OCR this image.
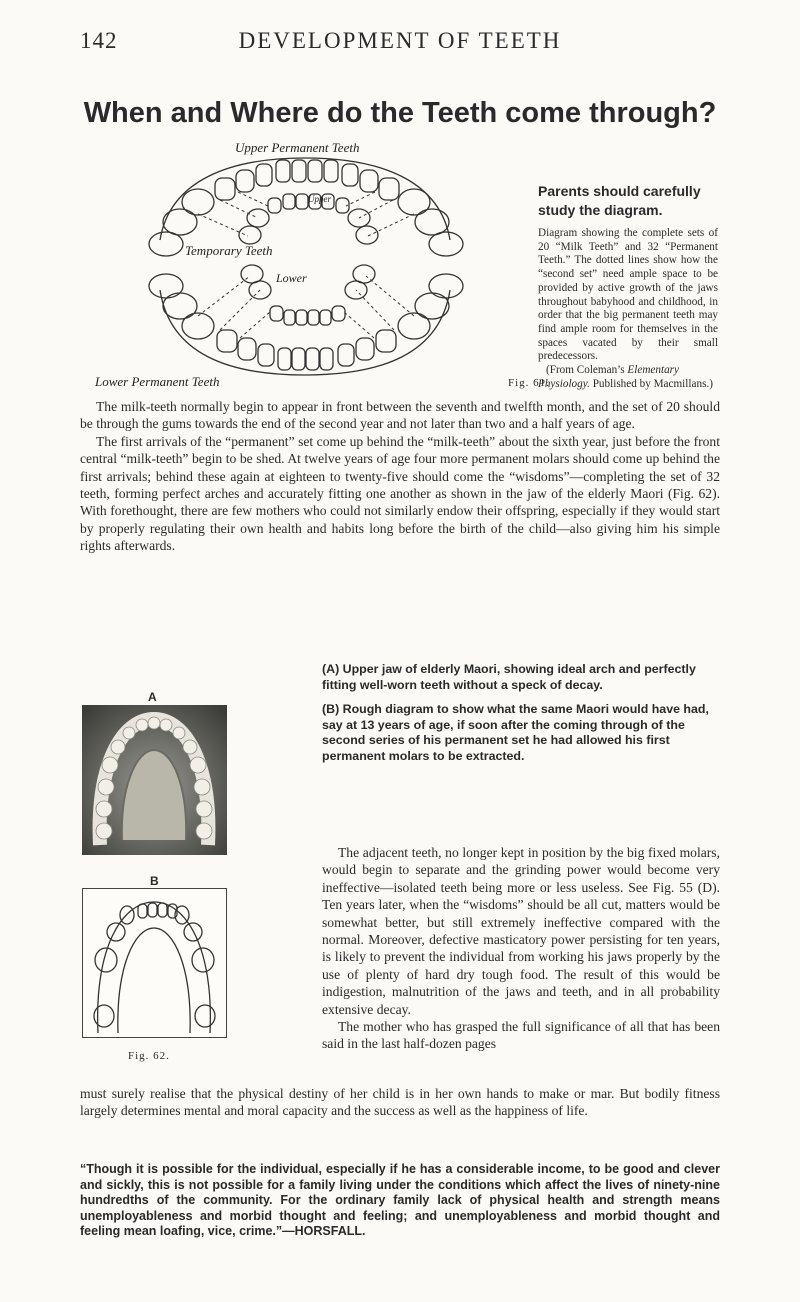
142	DEVELOPMENT OF TEETH
When and Where do the Teeth come through?
Upper Permanent Teeth
Upper
Temporary Teeth
Lower
Lower Permanent Teeth

Parents should carefully study the diagram.

Diagram showing the complete sets of 20 “Milk Teeth” and 32 “Permanent Teeth.” The dotted lines show how the “second set” need ample space to be provided by active growth of the jaws throughout babyhood and childhood, in order that the big permanent teeth may find ample room for themselves in the spaces vacated by their small predecessors.

(From Coleman’s Elementary Physiology. Published by Macmillans.)

Fig. 61.

The milk-teeth normally begin to appear in front between the seventh and twelfth month, and the set of 20 should be through the gums towards the end of the second year and not later than two and a half years of age.

The first arrivals of the “permanent” set come up behind the “milk-teeth” about the sixth year, just before the front central “milk-teeth” begin to be shed. At twelve years of age four more permanent molars should come up behind the first arrivals; behind these again at eighteen to twenty-five should come the “wisdoms”—completing the set of 32 teeth, forming perfect arches and accurately fitting one another as shown in the jaw of the elderly Maori (Fig. 62). With forethought, there are few mothers who could not similarly endow their offspring, especially if they would start by properly regulating their own health and habits long before the birth of the child—also giving him his simple rights afterwards.

(A) Upper jaw of elderly Maori, showing ideal arch and perfectly fitting well-worn teeth without a speck of decay.

(B) Rough diagram to show what the same Maori would have had, say at 13 years of age, if soon after the coming through of the second series of his permanent set he had allowed his first permanent molars to be extracted.

A
B
Fig. 62.

The adjacent teeth, no longer kept in position by the big fixed molars, would begin to separate and the grinding power would become very ineffective—isolated teeth being more or less useless. See Fig. 55 (D). Ten years later, when the “wisdoms” should be all cut, matters would be somewhat better, but still extremely ineffective compared with the normal. Moreover, defective masticatory power persisting for ten years, is likely to prevent the individual from working his jaws properly by the use of plenty of hard dry tough food. The result of this would be indigestion, malnutrition of the jaws and teeth, and in all probability extensive decay.

The mother who has grasped the full significance of all that has been said in the last half-dozen pages

must surely realise that the physical destiny of her child is in her own hands to make or mar. But bodily fitness largely determines mental and moral capacity and the success as well as the happiness of life.

“Though it is possible for the individual, especially if he has a considerable income, to be good and clever and sickly, this is not possible for a family living under the conditions which affect the lives of ninety-nine hundredths of the community. For the ordinary family lack of physical health and strength means unemployableness and morbid thought and feeling; and unemployableness and morbid thought and feeling mean loafing, vice, crime.”—HORSFALL.
